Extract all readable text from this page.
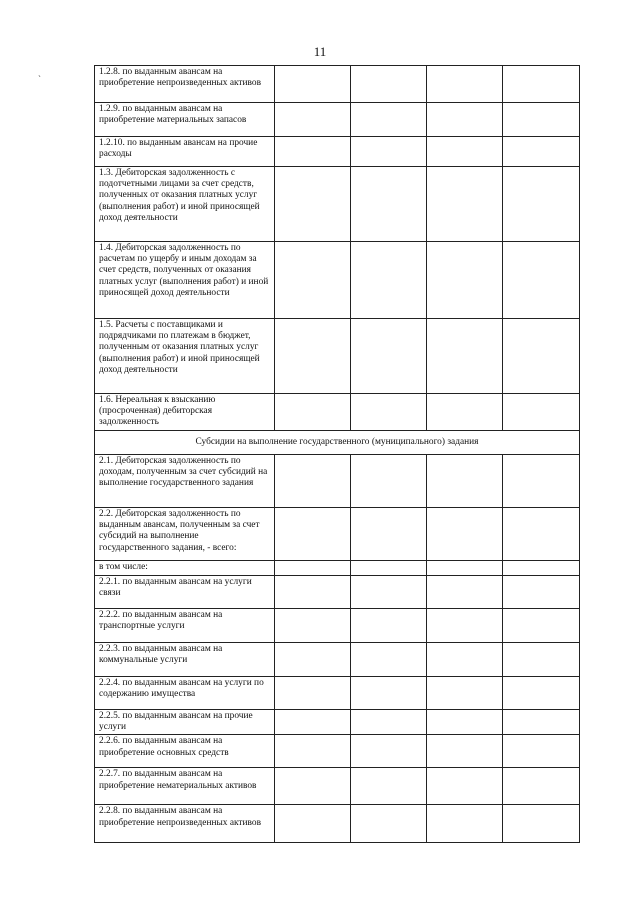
11
`
1.2.8. по выданным авансам на приобретение непроизведенных активов				
1.2.9. по выданным авансам на приобретение материальных запасов				
1.2.10. по выданным авансам на прочие расходы				
1.3. Дебиторская задолженность с подотчетными лицами за счет средств, полученных от оказания платных услуг (выполнения работ) и иной приносящей доход деятельности				
1.4. Дебиторская задолженность по расчетам по ущербу и иным доходам за счет средств, полученных от оказания платных услуг (выполнения работ) и иной приносящей доход деятельности				
1.5. Расчеты с поставщиками и подрядчиками по платежам в бюджет, полученным от оказания платных услуг (выполнения работ) и иной приносящей доход деятельности				
1.6. Нереальная к взысканию (просроченная) дебиторская задолженность				
Субсидии на выполнение государственного (муниципального) задания				
2.1. Дебиторская задолженность по доходам, полученным за счет субсидий на выполнение государственного задания				
2.2. Дебиторская задолженность по выданным авансам, полученным за счет субсидий на выполнение государственного задания, - всего:				
в том числе:				
2.2.1. по выданным авансам на услуги связи				
2.2.2. по выданным авансам на транспортные услуги				
2.2.3. по выданным авансам на коммунальные услуги				
2.2.4. по выданным авансам на услуги по содержанию имущества				
2.2.5. по выданным авансам на прочие услуги				
2.2.6. по выданным авансам на приобретение основных средств				
2.2.7. по выданным авансам на приобретение нематериальных активов				
2.2.8. по выданным авансам на приобретение непроизведенных активов				
